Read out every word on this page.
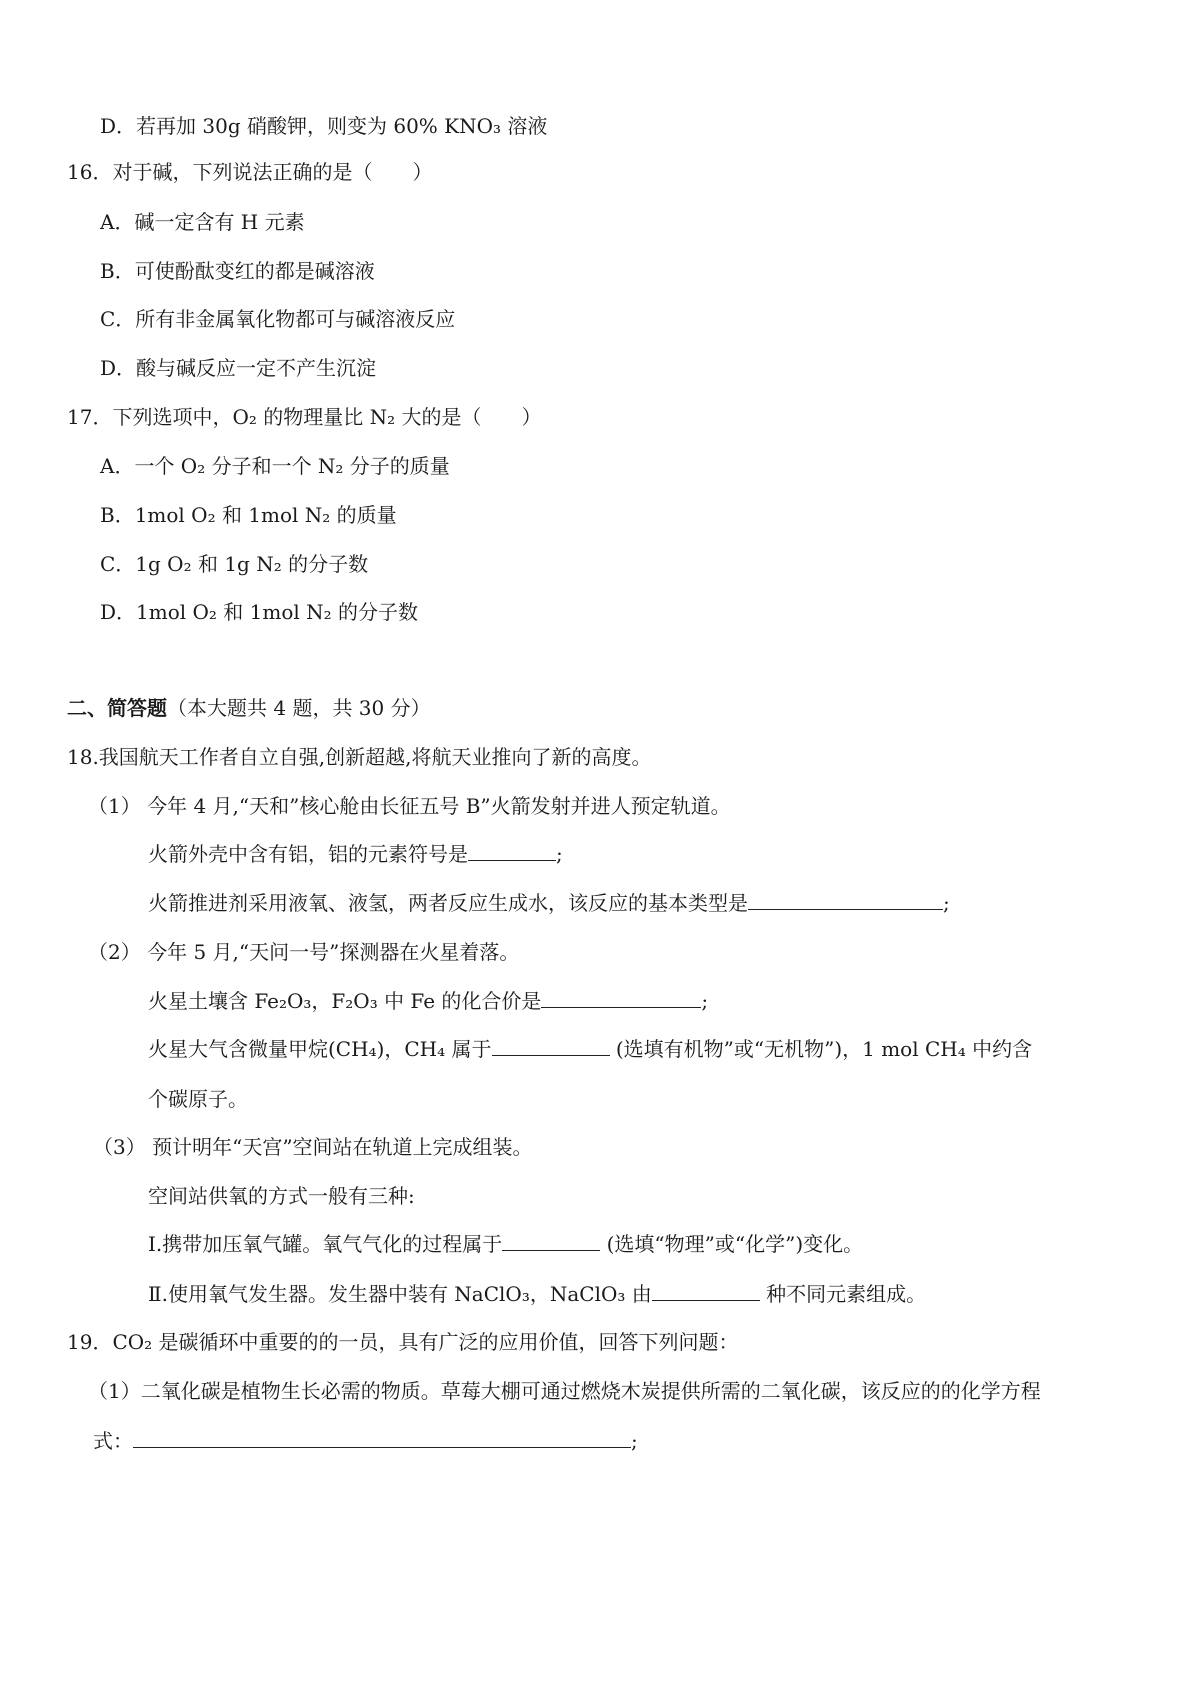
D．若再加 30g 硝酸钾，则变为 60% KNO₃ 溶液
16．对于碱，下列说法正确的是（　　）
A．碱一定含有 H 元素
B．可使酚酞变红的都是碱溶液
C．所有非金属氧化物都可与碱溶液反应
D．酸与碱反应一定不产生沉淀
17．下列选项中，O₂ 的物理量比 N₂ 大的是（　　）
A．一个 O₂ 分子和一个 N₂ 分子的质量
B．1mol O₂ 和 1mol N₂ 的质量
C．1g O₂ 和 1g N₂ 的分子数
D．1mol O₂ 和 1mol N₂ 的分子数
二、简答题（本大题共 4 题，共 30 分）
18.我国航天工作者自立自强,创新超越,将航天业推向了新的高度。
（1） 今年 4 月,“天和”核心舱由长征五号 B”火箭发射并进人预定轨道。
火箭外壳中含有铝，铝的元素符号是	;
火箭推进剂采用液氧、液氢，两者反应生成水，该反应的基本类型是	;
（2） 今年 5 月,“天问一号”探测器在火星着落。
火星土壤含 Fe₂O₃，F₂O₃ 中 Fe 的化合价是	;
火星大气含微量甲烷(CH₄)，CH₄ 属于	(选填有机物”或“无机物”)，1 mol CH₄ 中约含
个碳原子。
（3） 预计明年“天宫”空间站在轨道上完成组装。
空间站供氧的方式一般有三种:
Ⅰ.携带加压氧气罐。氧气气化的过程属于	(选填“物理”或“化学”)变化。
Ⅱ.使用氧气发生器。发生器中装有 NaClO₃，NaClO₃ 由	种不同元素组成。
19．CO₂ 是碳循环中重要的的一员，具有广泛的应用价值，回答下列问题：
（1）二氧化碳是植物生长必需的物质。草莓大棚可通过燃烧木炭提供所需的二氧化碳，该反应的的化学方程
式：	;
